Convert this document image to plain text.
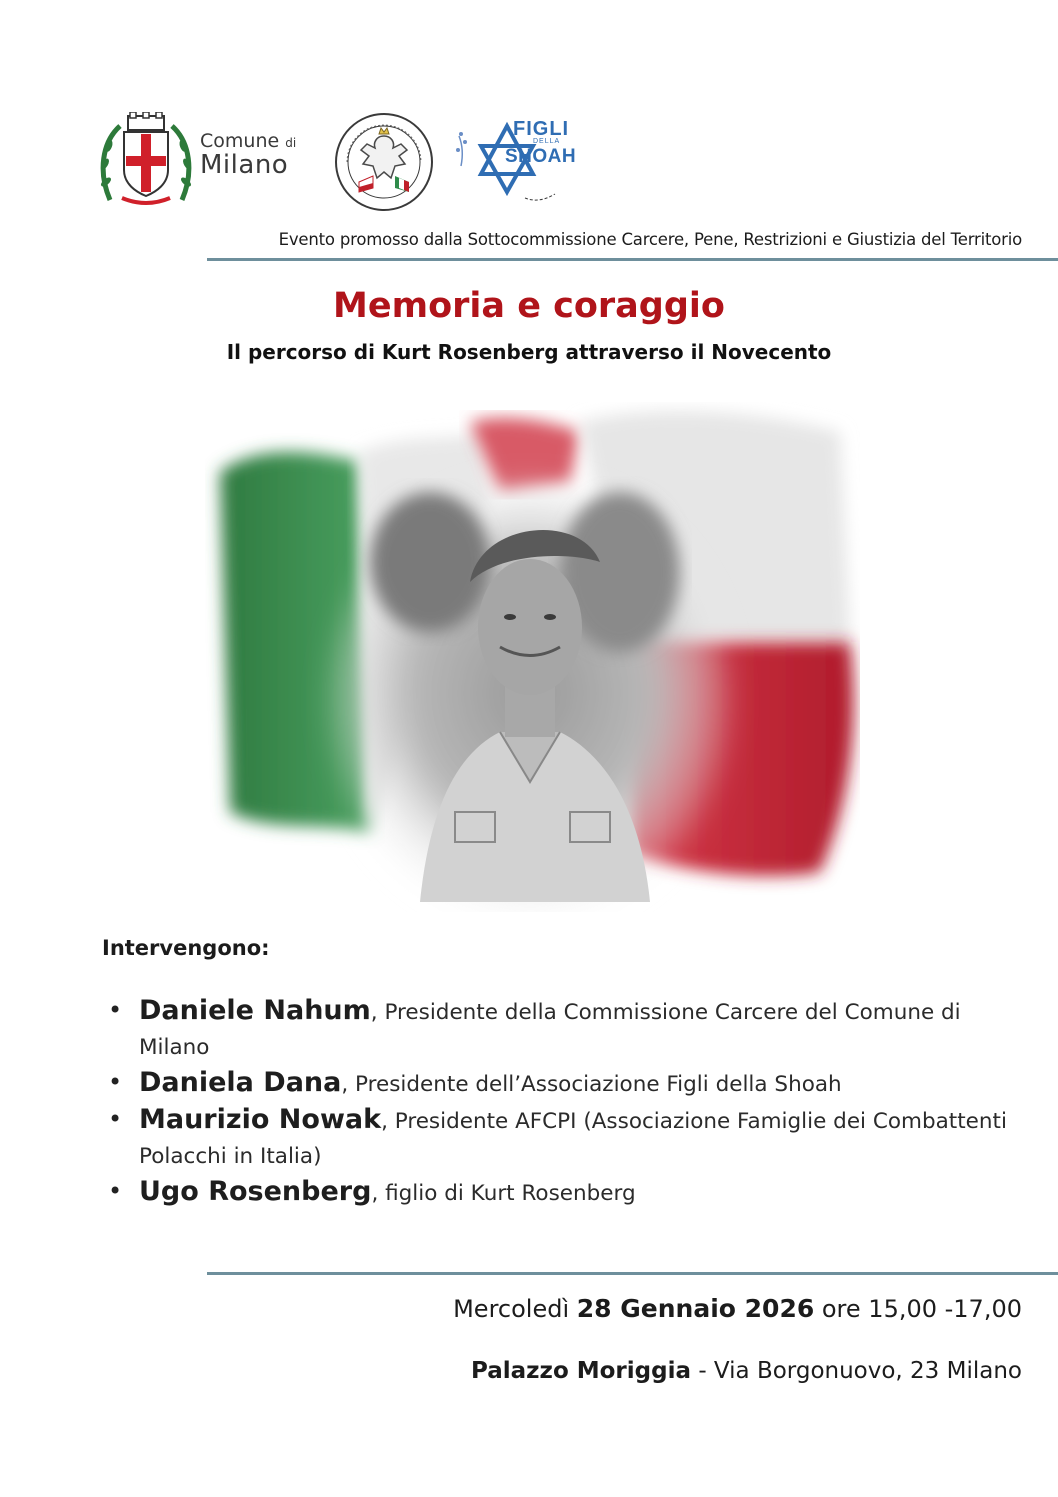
Comune di
Milano
FIGLI
DELLA
SHOAH
Evento promosso dalla Sottocommissione Carcere, Pene, Restrizioni e Giustizia del Territorio
Memoria e coraggio
Il percorso di Kurt Rosenberg attraverso il Novecento
Intervengono:
• Daniele Nahum, Presidente della Commissione Carcere del Comune di Milano
• Daniela Dana, Presidente dell’Associazione Figli della Shoah
• Maurizio Nowak, Presidente AFCPI (Associazione Famiglie dei Combattenti Polacchi in Italia)
• Ugo Rosenberg, figlio di Kurt Rosenberg
Mercoledì 28 Gennaio 2026 ore 15,00 -17,00
Palazzo Moriggia - Via Borgonuovo, 23 Milano
